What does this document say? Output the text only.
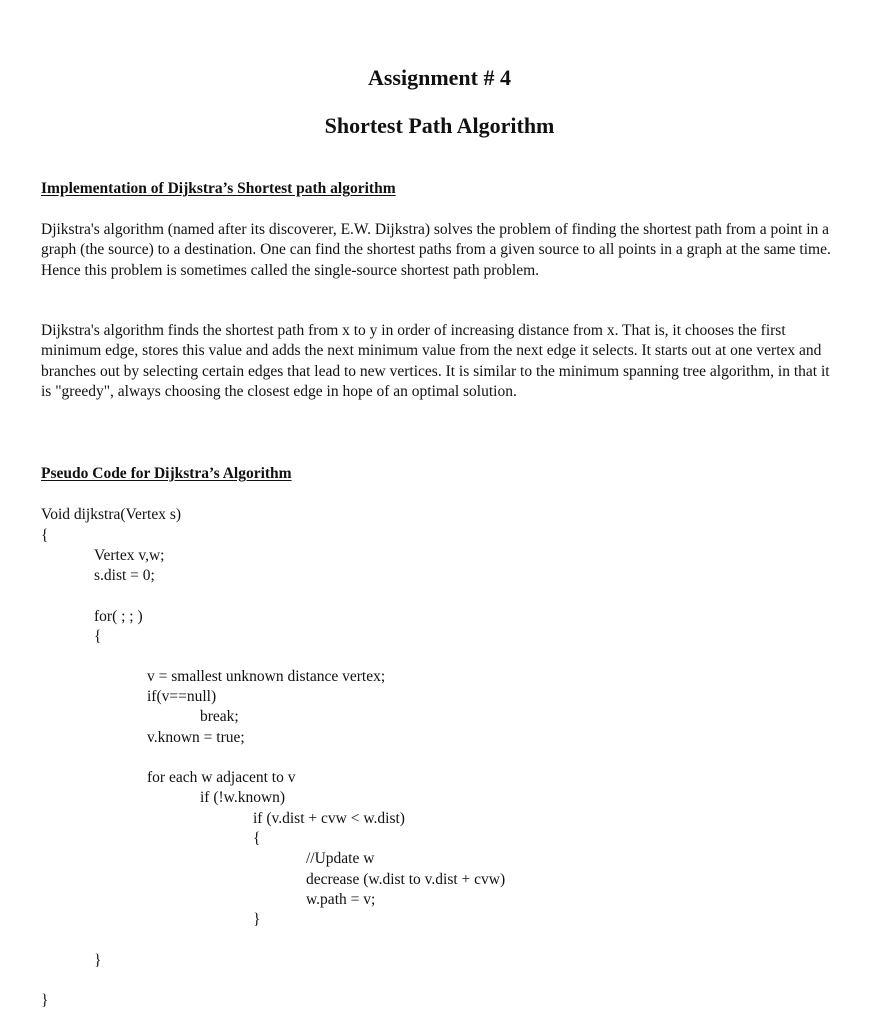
Assignment # 4
Shortest Path Algorithm
Implementation of Dijkstra’s Shortest path algorithm

Djikstra's algorithm (named after its discoverer, E.W. Dijkstra) solves the problem of finding the shortest path from a point in a graph (the source) to a destination. One can find the shortest paths from a given source to all points in a graph at the same time. Hence this problem is sometimes called the single-source shortest path problem.

Dijkstra's algorithm finds the shortest path from x to y in order of increasing distance from x. That is, it chooses the first minimum edge, stores this value and adds the next minimum value from the next edge it selects. It starts out at one vertex and branches out by selecting certain edges that lead to new vertices. It is similar to the minimum spanning tree algorithm, in that it is "greedy", always choosing the closest edge in hope of an optimal solution.

Pseudo Code for Dijkstra’s Algorithm
Void dijkstra(Vertex s)
{
Vertex v,w;
s.dist = 0;
for( ; ; )
{
v = smallest unknown distance vertex;
if(v==null)
break;
v.known = true;
for each w adjacent to v
if (!w.known)
if (v.dist + cvw < w.dist)
{
//Update w
decrease (w.dist to v.dist + cvw)
w.path = v;
}
}
}
